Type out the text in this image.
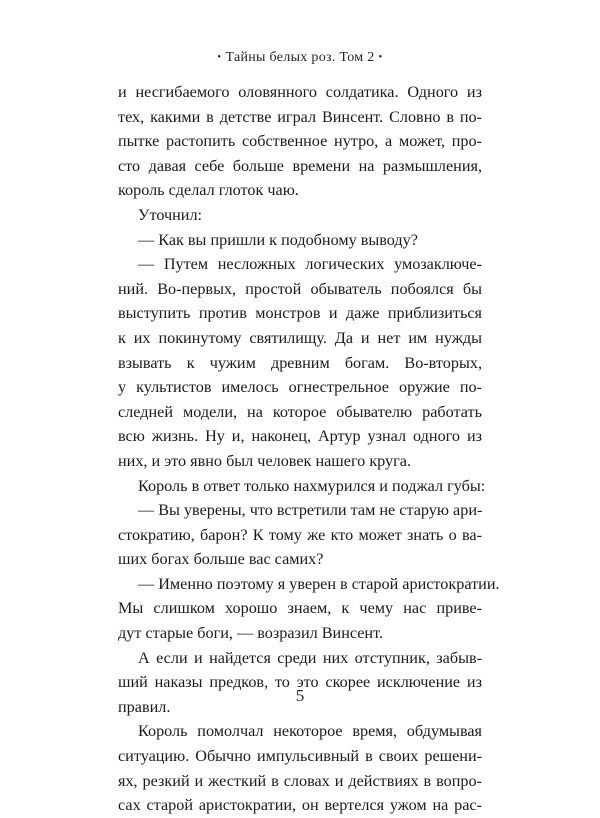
• Тайны белых роз. Том 2 •
и несгибаемого оловянного солдатика. Одного из
тех, какими в детстве играл Винсент. Словно в по-
пытке растопить собственное нутро, а может, про-
сто давая себе больше времени на размышления,
король сделал глоток чаю.
Уточнил:
— Как вы пришли к подобному выводу?
— Путем несложных логических умозаключе-
ний. Во-первых, простой обыватель побоялся бы
выступить против монстров и даже приблизиться
к их покинутому святилищу. Да и нет им нужды
взывать к чужим древним богам. Во-вторых,
у культистов имелось огнестрельное оружие по-
следней модели, на которое обывателю работать
всю жизнь. Ну и, наконец, Артур узнал одного из
них, и это явно был человек нашего круга.
Король в ответ только нахмурился и поджал губы:
— Вы уверены, что встретили там не старую ари-
стократию, барон? К тому же кто может знать о ва-
ших богах больше вас самих?
— Именно поэтому я уверен в старой аристократии.
Мы слишком хорошо знаем, к чему нас приве-
дут старые боги, — возразил Винсент.
А если и найдется среди них отступник, забыв-
ший наказы предков, то это скорее исключение из
правил.
Король помолчал некоторое время, обдумывая
ситуацию. Обычно импульсивный в своих решени-
ях, резкий и жесткий в словах и действиях в вопро-
сах старой аристократии, он вертелся ужом на рас-
5
